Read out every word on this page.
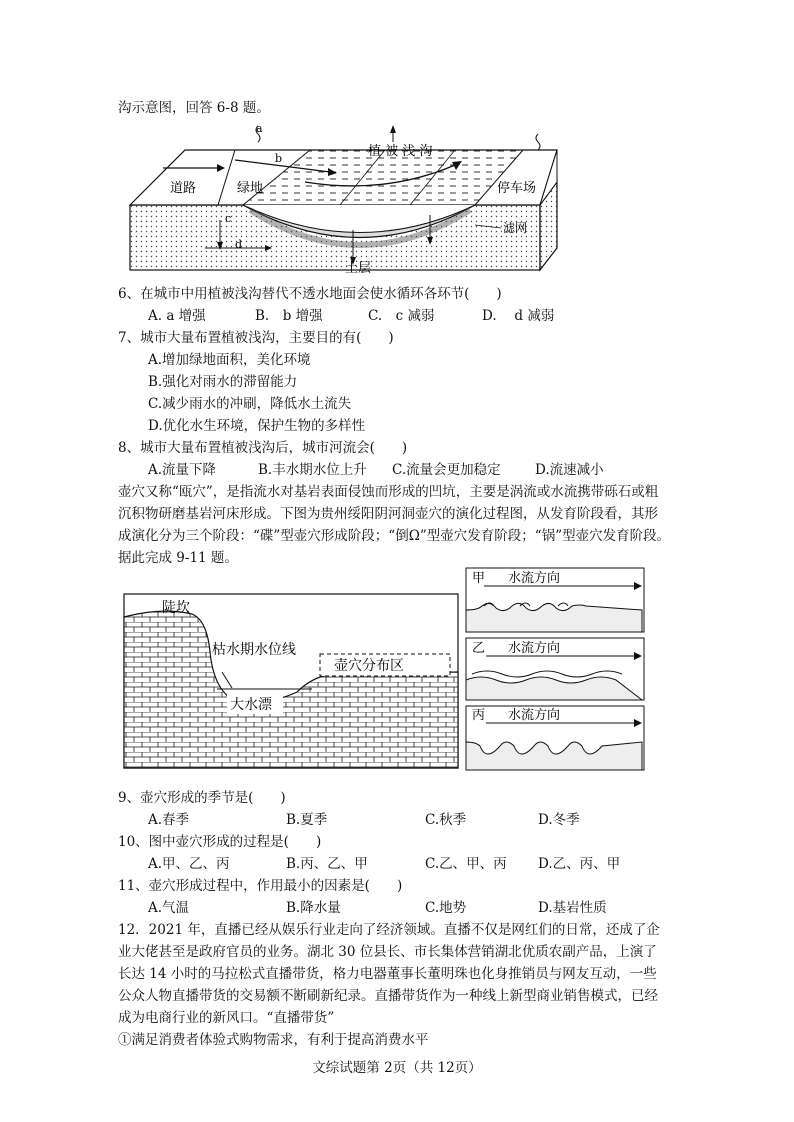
沟示意图，回答 6-8 题。
a
b
c
d
植 被 浅 沟
道路	绿地	停车场
滤网
土层
6、在城市中用植被浅沟替代不透水地面会使水循环各环节(　　)
A. a 增强	B.　b 增强	C.　c 减弱	D.　 d 减弱
7、城市大量布置植被浅沟，主要目的有(　　)
A.增加绿地面积，美化环境
B.强化对雨水的滞留能力
C.减少雨水的冲刷，降低水土流失
D.优化水生环境，保护生物的多样性
8、城市大量布置植被浅沟后，城市河流会(　　)
A.流量下降	B.丰水期水位上升 C.流量会更加稳定	D.流速减小
壶穴又称“瓯穴”，是指流水对基岩表面侵蚀而形成的凹坑，主要是涡流或水流携带砾石或粗
沉积物研磨基岩河床形成。下图为贵州绥阳阴河洞壶穴的演化过程图，从发育阶段看，其形
成演化分为三个阶段：“碟”型壶穴形成阶段；“倒Ω”型壶穴发育阶段；“锅”型壶穴发育阶段。
据此完成 9-11 题。
陡坎
枯水期水位线
壶穴分布区
大水漂
甲 水流方向
乙 水流方向
丙 水流方向
9、壶穴形成的季节是(　　)
A.春季	B.夏季	C.秋季	D.冬季
10、图中壶穴形成的过程是(　　)
A.甲、乙、丙	B.丙、乙、甲	C.乙、甲、丙 D.乙、丙、甲
11、壶穴形成过程中，作用最小的因素是(　　)
A.气温	B.降水量	C.地势	D.基岩性质
12．2021 年，直播已经从娱乐行业走向了经济领域。直播不仅是网红们的日常，还成了企
业大佬甚至是政府官员的业务。湖北 30 位县长、市长集体营销湖北优质农副产品，上演了
长达 14 小时的马拉松式直播带货，格力电器董事长董明珠也化身推销员与网友互动，一些
公众人物直播带货的交易额不断刷新纪录。直播带货作为一种线上新型商业销售模式，已经
成为电商行业的新风口。“直播带货”
①满足消费者体验式购物需求，有利于提高消费水平
文综试题第 2页（共 12页）
